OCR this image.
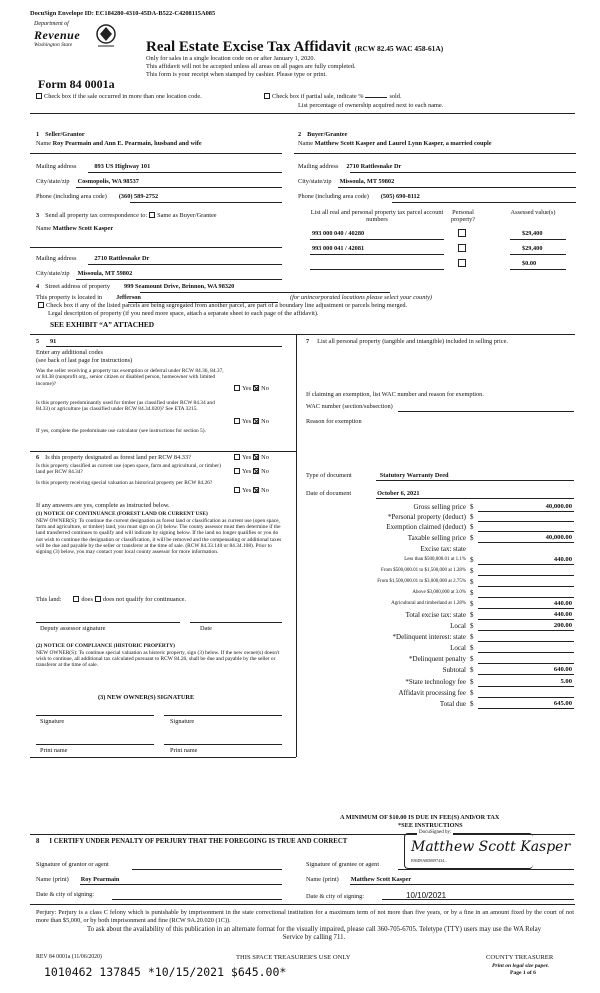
DocuSign Envelope ID: EC184280-4310-45DA-B522-C4208115A085
Department of
Revenue
Washington State	Real Estate Excise Tax Affidavit (RCW 82.45 WAC 458-61A)
Only for sales in a single location code on or after January 1, 2020.
This affidavit will not be accepted unless all areas on all pages are fully completed.
This form is your receipt when stamped by cashier. Please type or print.
Form 84 0001a
Check box if the sale occurred in more than one location code.	Check box if partial sale, indicate %	sold.
List percentage of ownership acquired next to each name.
1 Seller/Grantor
Name Roy Pearmain and Ann E. Pearmain, husband and wife
Mailing address	893 US Highway 101
City/state/zip Cosmopolis, WA 98537
Phone (including area code) (360) 589-2752
2 Buyer/Grantee
Name Matthew Scott Kasper and Laurel Lynn Kasper, a married couple
Mailing address 2710 Rattlesnake Dr
City/state/zip Missoula, MT 59802
Phone (including area code) (505) 690-8112
3 Send all property tax correspondence to: Same as Buyer/Grantee
Name Matthew Scott Kasper
Mailing address	2710 Rattlesnake Dr
City/state/zip Missoula, MT 59802
List all real and personal property tax parcel account numbers
Personal property?
Assessed value(s)
993 000 040 / 40280	$29,400
993 000 041 / 42081	$29,400
$0.00
4 Street address of property 999 Seamount Drive, Brinnon, WA 98320
This property is located in Jefferson	(for unincorporated locations please select your county)
Check box if any of the listed parcels are being segregated from another parcel, are part of a boundary line adjustment or parcels being merged.
Legal description of property (if you need more space, attach a separate sheet to each page of the affidavit).
SEE EXHIBIT “A” ATTACHED
5 91
Enter any additional codes
(see back of last page for instructions)
Was the seller receiving a property tax exemption or deferral under RCW 84.36, 84.37, or 84.38 (nonprofit org., senior citizen or disabled person, homeowner with limited income)?
Yes No
Is this property predominantly used for timber (as classified under RCW 84.34 and 84.33) or agriculture (as classified under RCW 84.34.020)? See ETA 3215.
Yes No
If yes, complete the predominate use calculator (see instructions for section 5).
7 List all personal property (tangible and intangible) included in selling price.
If claiming an exemption, list WAC number and reason for exemption.
WAC number (section/subsection)
Reason for exemption
6 Is this property designated as forest land per RCW 84.33?	Yes No
Is this property classified as current use (open space, farm and agricultural, or timber) land per RCW 84.34?	Yes No
Is this property receiving special valuation as historical property per RCW 84.26?
Yes No
If any answers are yes, complete as instructed below.
(1) NOTICE OF CONTINUANCE (FOREST LAND OR CURRENT USE)
NEW OWNER(S): To continue the current designation as forest land or classification as current use (open space, farm and agriculture, or timber) land, you must sign on (3) below. The county assessor must then determine if the land transferred continues to qualify and will indicate by signing below. If the land no longer qualifies or you do not wish to continue the designation or classification, it will be removed and the compensating or additional taxes will be due and payable by the seller or transferor at the time of sale. (RCW 84.33.140 or 84.34.108). Prior to signing (3) below, you may contact your local county assessor for more information.
This land:	does does not qualify for continuance.
Deputy assessor signature	Date
(2) NOTICE OF COMPLIANCE (HISTORIC PROPERTY)
NEW OWNER(S): To continue special valuation as historic property, sign (3) below. If the new owner(s) doesn't wish to continue, all additional tax calculated pursuant to RCW 84.26, shall be due and payable by the seller or transferor at the time of sale.
(3) NEW OWNER(S) SIGNATURE
Signature	Signature
Print name	Print name
Type of document	Statutory Warranty Deed
Date of document	October 6, 2021
Gross selling price $	40,000.00
*Personal property (deduct) $
Exemption claimed (deduct) $
Taxable selling price $	40,000.00
Excise tax: state
Less than $500,000.01 at 1.1% $	440.00
From $500,000.01 to $1,500,000 at 1.28% $
From $1,500,000.01 to $3,000,000 at 2.75% $
Above $3,000,000 at 3.0% $
Agricultural and timberland at 1.28% $	440.00
Total excise tax: state $	440.00
Local $	200.00
*Delinquent interest: state $
Local $
*Delinquent penalty $
Subtotal $	640.00
*State technology fee $	5.00
Affidavit processing fee $
Total due $	645.00
A MINIMUM OF $10.00 IS DUE IN FEE(S) AND/OR TAX
*SEE INSTRUCTIONS
8 I CERTIFY UNDER PENALTY OF PERJURY THAT THE FOREGOING IS TRUE AND CORRECT
DocuSigned by:
Matthew Scott Kasper
E86D9A8D0097434...
Signature of grantor or agent	Signature of grantee or agent
Name (print) Roy Pearmain	Name (print) Matthew Scott Kasper
Date & city of signing:	Date & city of signing:	10/10/2021
Perjury: Perjury is a class C felony which is punishable by imprisonment in the state correctional institution for a maximum term of not more than five years, or by a fine in an amount fixed by the court of not more than $5,000, or by both imprisonment and fine (RCW 9A.20.020 (1C)).
To ask about the availability of this publication in an alternate format for the visually impaired, please call 360-705-6705. Teletype (TTY) users may use the WA Relay Service by calling 711.
REV 84 0001a (11/06/2020)	THIS SPACE TREASURER'S USE ONLY	COUNTY TREASURER
Print on legal size paper.
Page 1 of 6
1010462 137845 *10/15/2021 $645.00*
